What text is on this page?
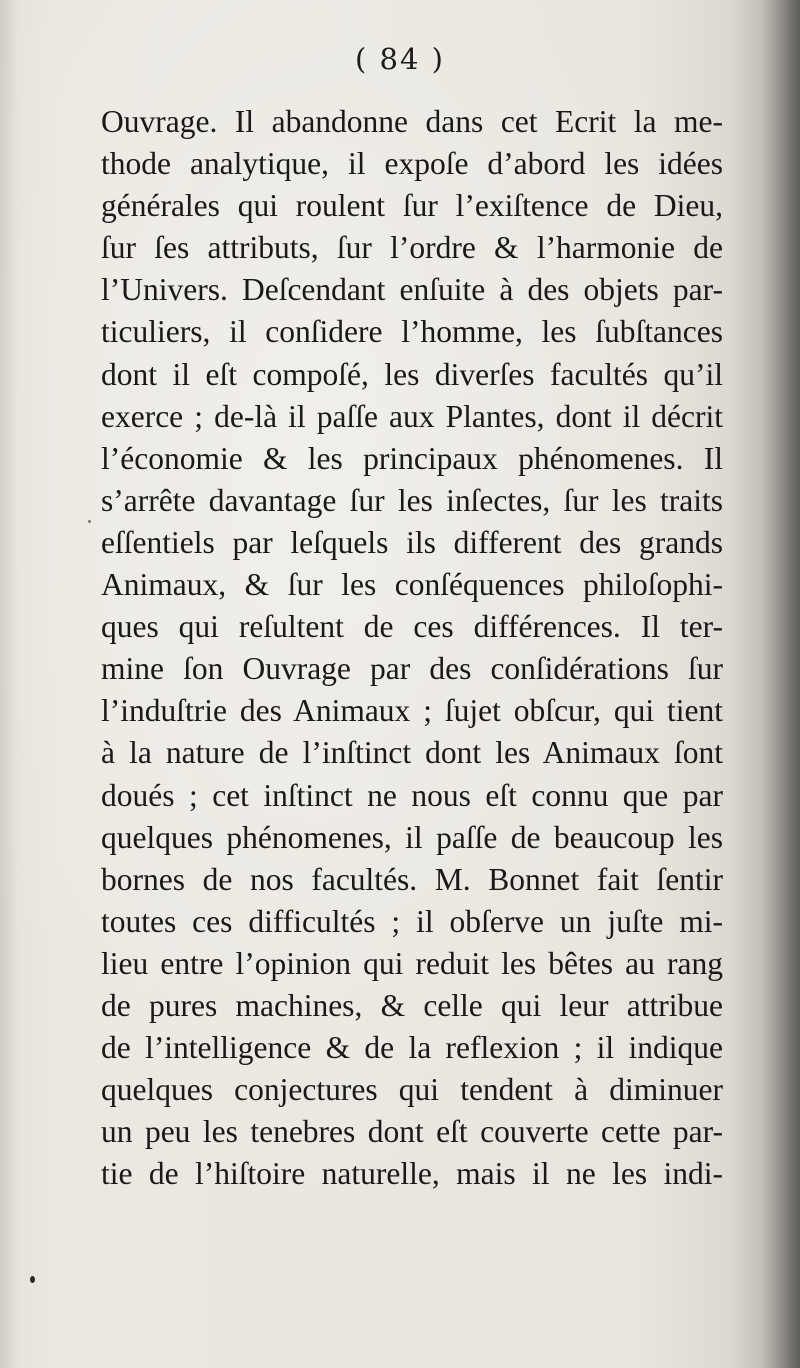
( 84 )
Ouvrage. Il abandonne dans cet Ecrit la me-
thode analytique, il expoſe d’abord les idées
générales qui roulent ſur l’exiſtence de Dieu,
ſur ſes attributs, ſur l’ordre & l’harmonie de
l’Univers. Deſcendant enſuite à des objets par-
ticuliers, il conſidere l’homme, les ſubſtances
dont il eſt compoſé, les diverſes facultés qu’il
exerce ; de-là il paſſe aux Plantes, dont il décrit
l’économie & les principaux phénomenes. Il
s’arrête davantage ſur les inſectes, ſur les traits
eſſentiels par leſquels ils different des grands
Animaux, & ſur les conſéquences philoſophi-
ques qui reſultent de ces différences. Il ter-
mine ſon Ouvrage par des conſidérations ſur
l’induſtrie des Animaux ; ſujet obſcur, qui tient
à la nature de l’inſtinct dont les Animaux ſont
doués ; cet inſtinct ne nous eſt connu que par
quelques phénomenes, il paſſe de beaucoup les
bornes de nos facultés. M. Bonnet fait ſentir
toutes ces difficultés ; il obſerve un juſte mi-
lieu entre l’opinion qui reduit les bêtes au rang
de pures machines, & celle qui leur attribue
de l’intelligence & de la reflexion ; il indique
quelques conjectures qui tendent à diminuer
un peu les tenebres dont eſt couverte cette par-
tie de l’hiſtoire naturelle, mais il ne les indi-
